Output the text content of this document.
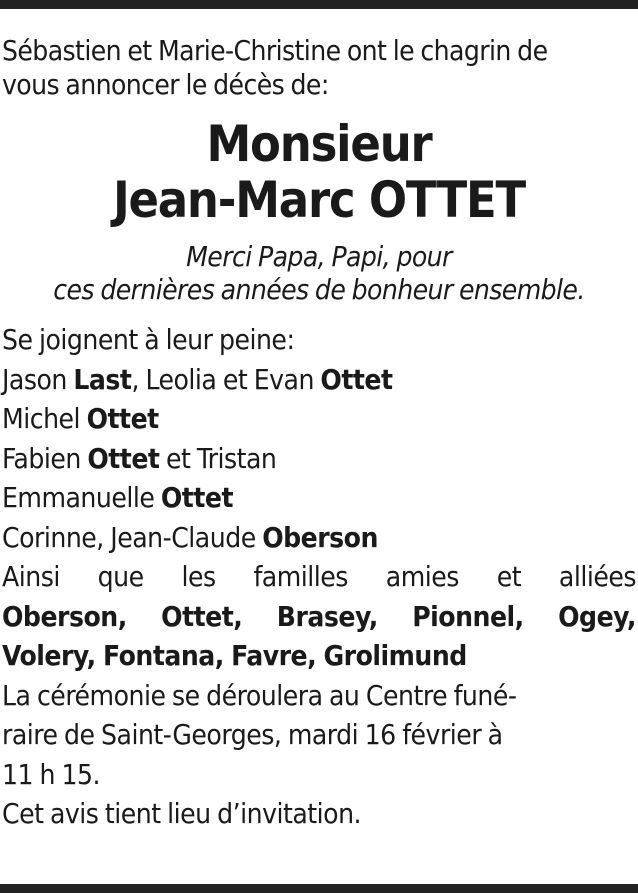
Sébastien et Marie-Christine ont le chagrin de
vous annoncer le décès de:

Monsieur
Jean-Marc OTTET
Merci Papa, Papi, pour
ces dernières années de bonheur ensemble.
Se joignent à leur peine:
Jason Last, Leolia et Evan Ottet
Michel Ottet
Fabien Ottet et Tristan
Emmanuelle Ottet
Corinne, Jean-Claude Oberson
Ainsi que les familles amies et alliées
Oberson, Ottet, Brasey, Pionnel, Ogey,
Volery, Fontana, Favre, Grolimund
La cérémonie se déroulera au Centre funé-
raire de Saint-Georges, mardi 16 février à
11 h 15.
Cet avis tient lieu d’invitation.
